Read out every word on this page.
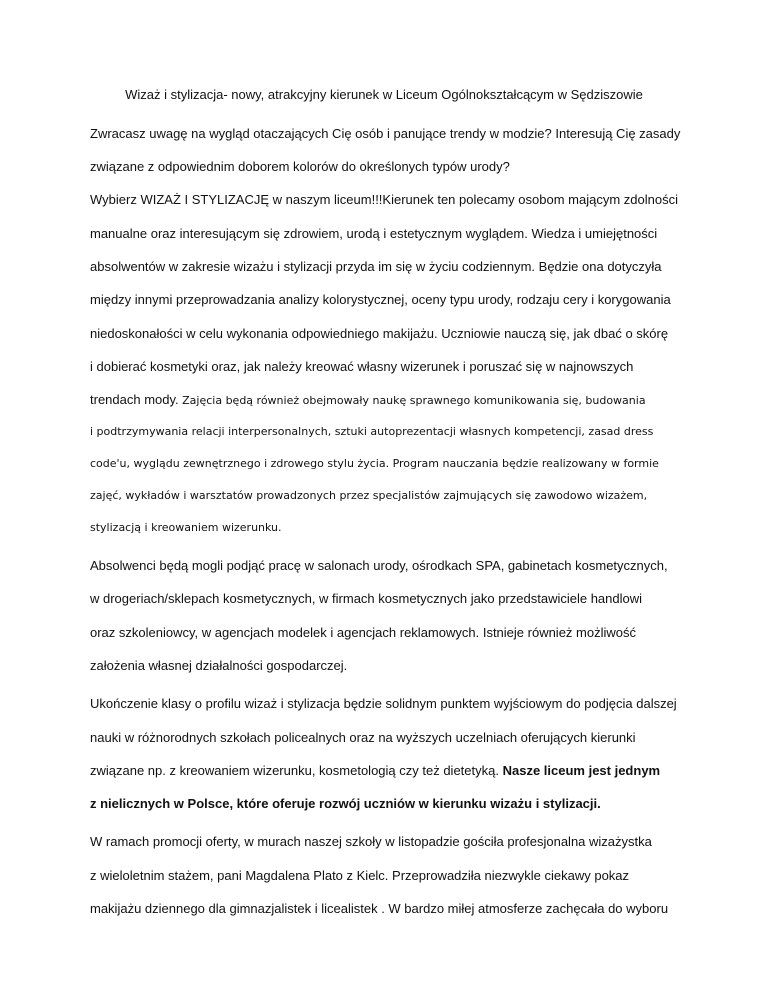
Wizaż i stylizacja- nowy, atrakcyjny kierunek w Liceum Ogólnokształcącym w Sędziszowie
Zwracasz uwagę na wygląd otaczających Cię osób i panujące trendy w modzie? Interesują Cię zasady
związane z odpowiednim doborem kolorów do określonych typów urody?
Wybierz WIZAŻ I STYLIZACJĘ w naszym liceum!!!Kierunek ten polecamy osobom mającym zdolności
manualne oraz interesującym się zdrowiem, urodą i estetycznym wyglądem. Wiedza i umiejętności
absolwentów w zakresie wizażu i stylizacji przyda im się w życiu codziennym. Będzie ona dotyczyła
między innymi przeprowadzania analizy kolorystycznej, oceny typu urody, rodzaju cery i korygowania
niedoskonałości w celu wykonania odpowiedniego makijażu. Uczniowie nauczą się, jak dbać o skórę
i dobierać kosmetyki oraz, jak należy kreować własny wizerunek i poruszać się w najnowszych
trendach mody. Zajęcia będą również obejmowały naukę sprawnego komunikowania się, budowania
i podtrzymywania relacji interpersonalnych, sztuki autoprezentacji własnych kompetencji, zasad dress
code'u, wyglądu zewnętrznego i zdrowego stylu życia. Program nauczania będzie realizowany w formie
zajęć, wykładów i warsztatów prowadzonych przez specjalistów zajmujących się zawodowo wizażem,
stylizacją i kreowaniem wizerunku.
Absolwenci będą mogli podjąć pracę w salonach urody, ośrodkach SPA, gabinetach kosmetycznych,
w drogeriach/sklepach kosmetycznych, w firmach kosmetycznych jako przedstawiciele handlowi
oraz szkoleniowcy, w agencjach modelek i agencjach reklamowych. Istnieje również możliwość
założenia własnej działalności gospodarczej.
Ukończenie klasy o profilu wizaż i stylizacja będzie solidnym punktem wyjściowym do podjęcia dalszej
nauki w różnorodnych szkołach policealnych oraz na wyższych uczelniach oferujących kierunki
związane np. z kreowaniem wizerunku, kosmetologią czy też dietetyką. Nasze liceum jest jednym
z nielicznych w Polsce, które oferuje rozwój uczniów w kierunku wizażu i stylizacji.
W ramach promocji oferty, w murach naszej szkoły w listopadzie gościła profesjonalna wizażystka
z wieloletnim stażem, pani Magdalena Plato z Kielc. Przeprowadziła niezwykle ciekawy pokaz
makijażu dziennego dla gimnazjalistek i licealistek . W bardzo miłej atmosferze zachęcała do wyboru
